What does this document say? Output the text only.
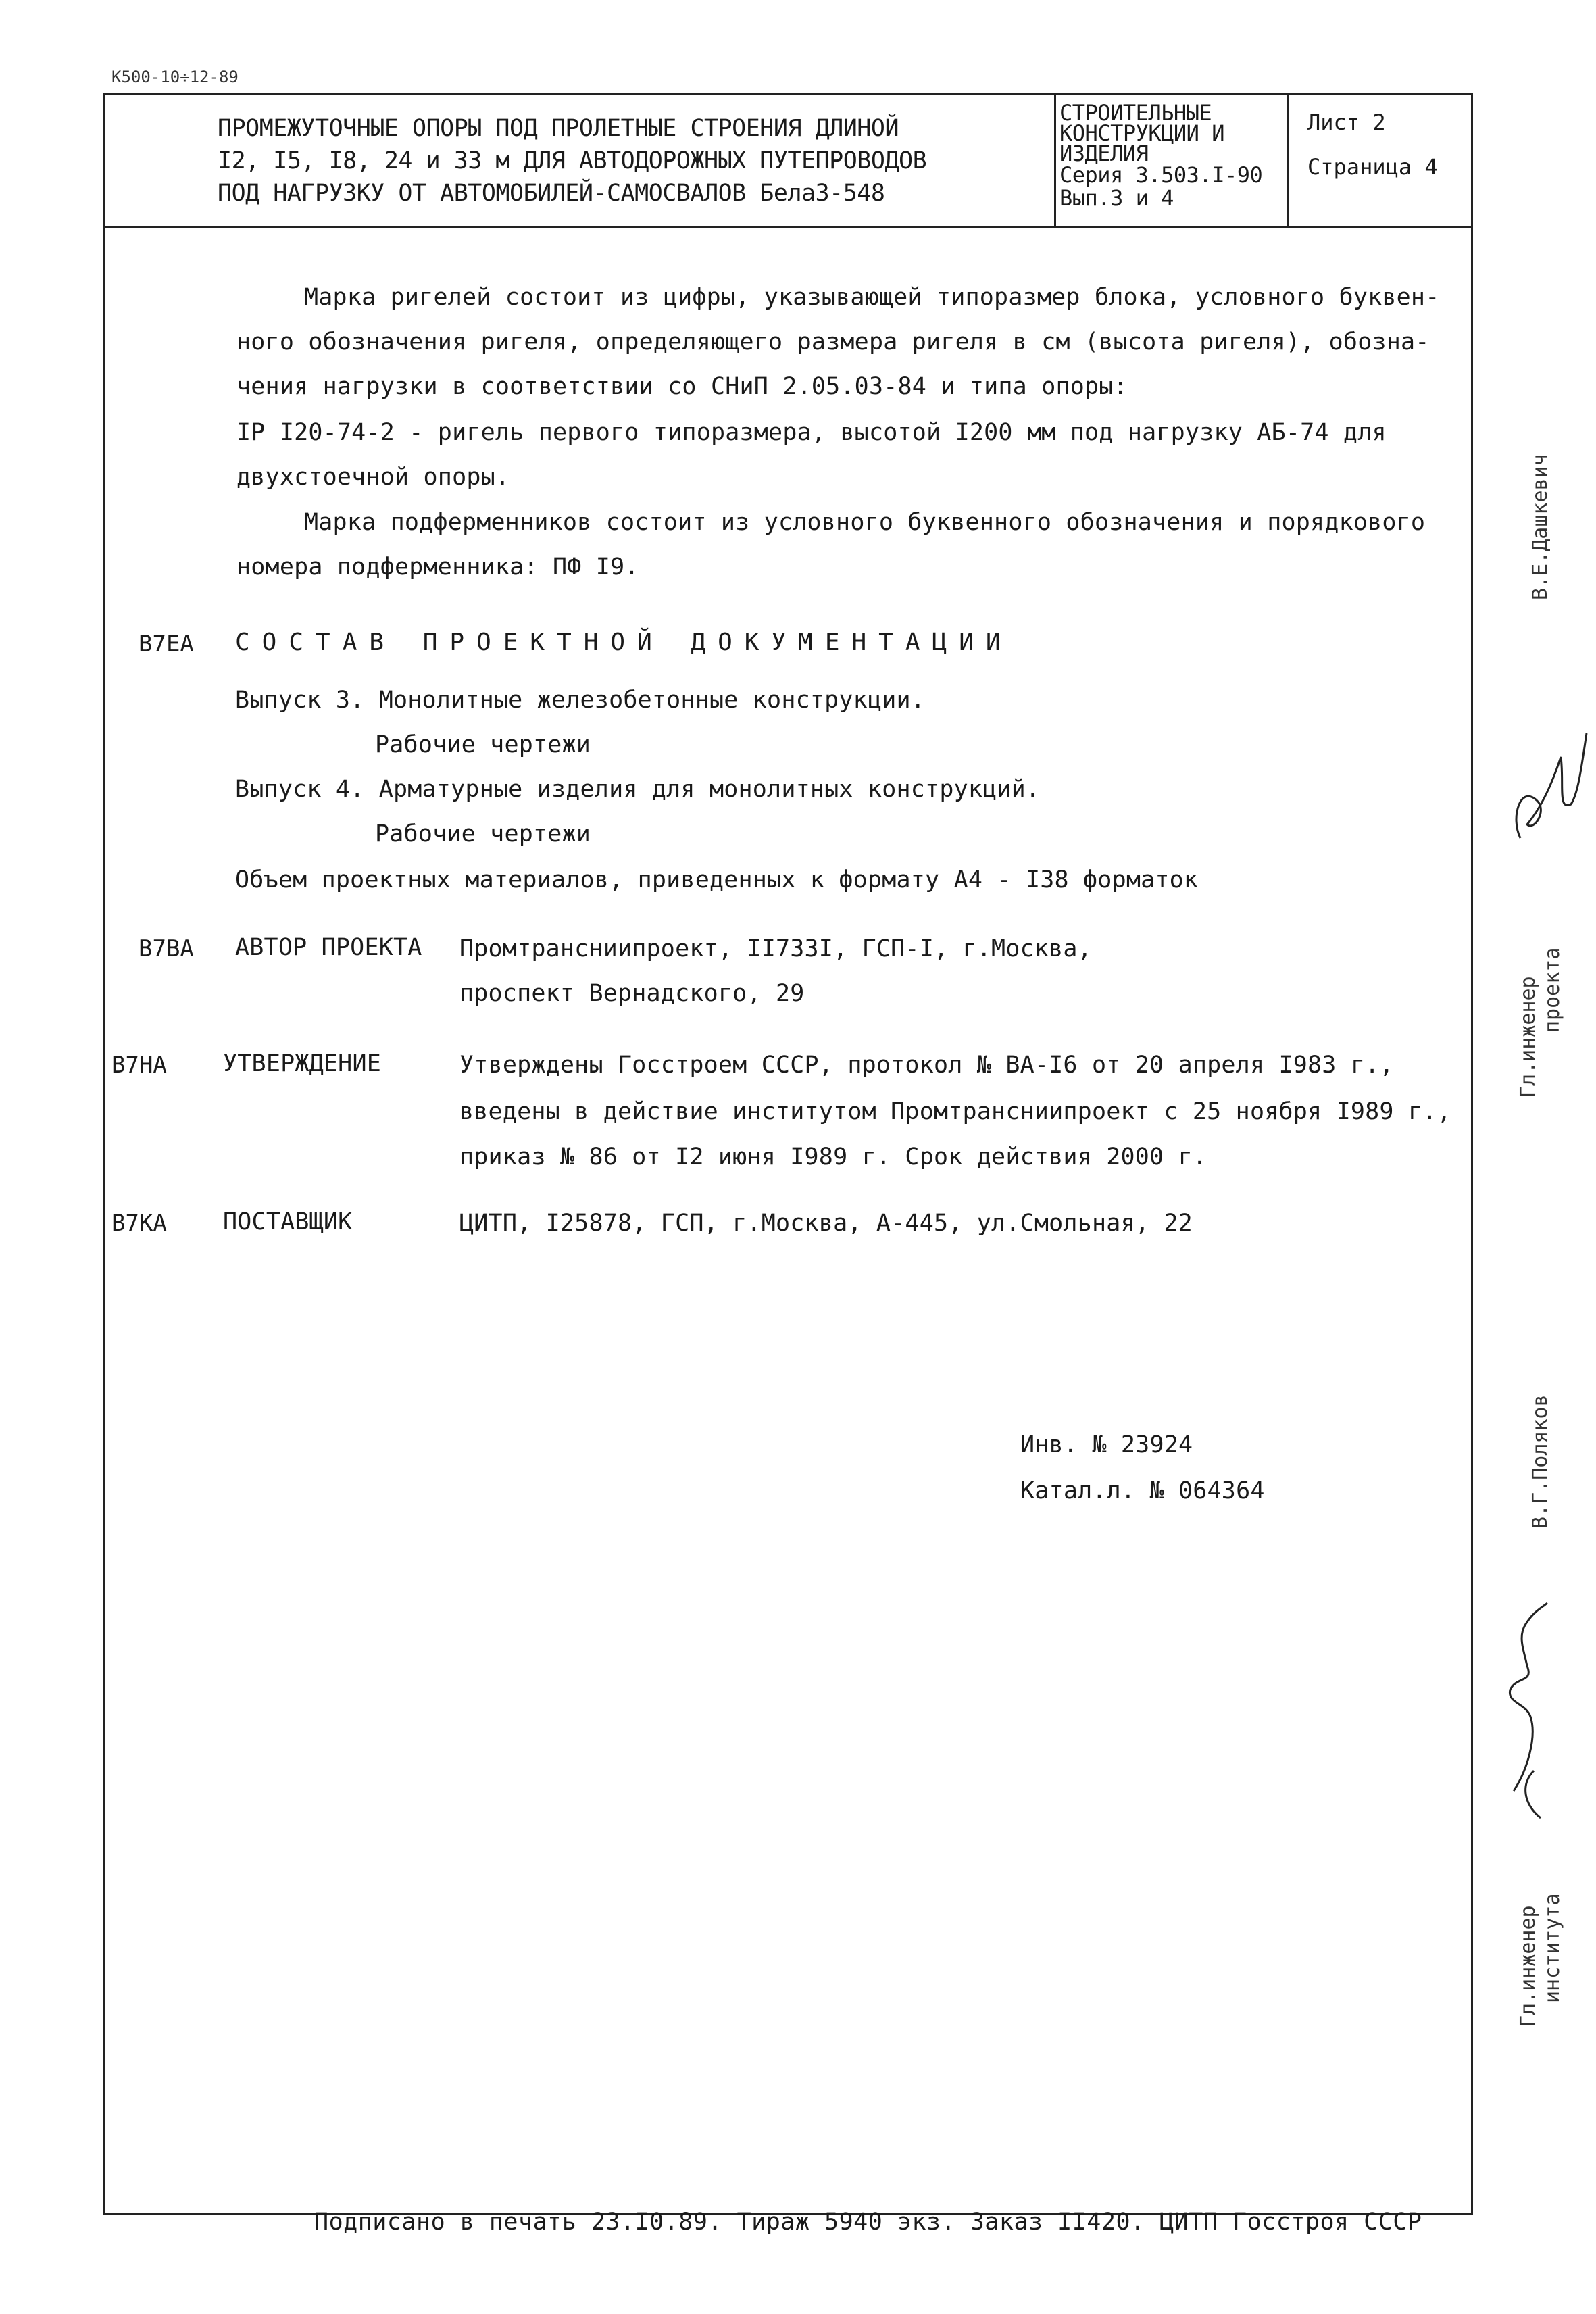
К500-10÷12-89
ПРОМЕЖУТОЧНЫЕ ОПОРЫ ПОД ПРОЛЕТНЫЕ СТРОЕНИЯ ДЛИНОЙ
I2, I5, I8, 24 и 33 м ДЛЯ АВТОДОРОЖНЫХ ПУТЕПРОВОДОВ
ПОД НАГРУЗКУ ОТ АВТОМОБИЛЕЙ-САМОСВАЛОВ БелаЗ-548
СТРОИТЕЛЬНЫЕ
КОНСТРУКЦИИ И
ИЗДЕЛИЯ
Серия 3.503.I-90
Вып.3 и 4
Лист 2
Страница 4
Марка ригелей состоит из цифры, указывающей типоразмер блока, условного буквен-
ного обозначения ригеля, определяющего размера ригеля в см (высота ригеля), обозна-
чения нагрузки в соответствии со СНиП 2.05.03-84 и типа опоры:
IР I20-74-2 - ригель первого типоразмера, высотой I200 мм под нагрузку АБ-74 для
двухстоечной опоры.
Марка подферменников состоит из условного буквенного обозначения и порядкового
номера подферменника: ПФ I9.
В7ЕА СОСТАВ ПРОЕКТНОЙ ДОКУМЕНТАЦИИ
Выпуск 3. Монолитные железобетонные конструкции.
Рабочие чертежи
Выпуск 4. Арматурные изделия для монолитных конструкций.
Рабочие чертежи
Объем проектных материалов, приведенных к формату А4 - I38 форматок
В7ВА АВТОР ПРОЕКТА Промтрансниипроект, II733I, ГСП-I, г.Москва,
проспект Вернадского, 29
В7НА УТВЕРЖДЕНИЕ	Утверждены Госстроем СССР, протокол № ВА-I6 от 20 апреля I983 г.,
введены в действие институтом Промтрансниипроект с 25 ноября I989 г.,
приказ № 86 от I2 июня I989 г. Срок действия 2000 г.
В7КА ПОСТАВЩИК	ЦИТП, I25878, ГСП, г.Москва, А-445, ул.Смольная, 22
Инв. № 23924
Катал.л. № 064364
В.Е.Дашкевич
Гл.инженер проекта
В.Г.Поляков
Гл.инженер института
Подписано в печать 23.I0.89. Тираж 5940 экз. Заказ II420. ЦИТП Госстроя СССР
